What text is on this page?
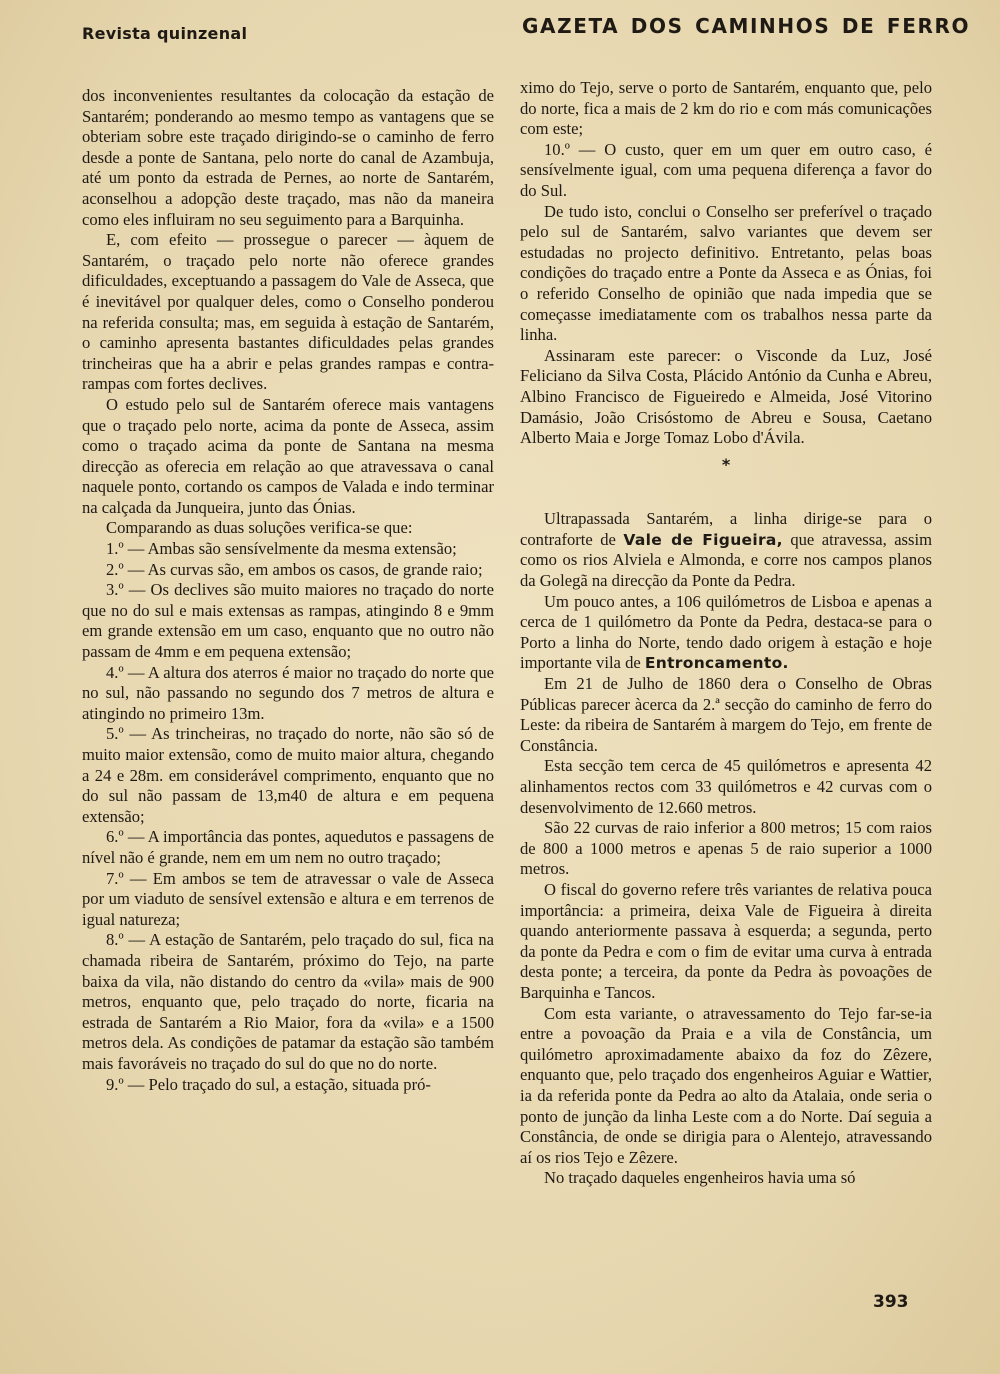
Revista quinzenal	GAZETA DOS CAMINHOS DE FERRO

dos inconvenientes resultantes da colocação da estação de Santarém; ponderando ao mesmo tempo as vantagens que se obteriam sobre este traçado dirigindo-se o caminho de ferro desde a ponte de Santana, pelo norte do canal de Azambuja, até um ponto da estrada de Pernes, ao norte de Santarém, aconselhou a adopção deste traçado, mas não da maneira como eles influiram no seu seguimento para a Barquinha.

E, com efeito — prossegue o parecer — àquem de Santarém, o traçado pelo norte não oferece grandes dificuldades, exceptuando a passagem do Vale de Asseca, que é inevitável por qualquer deles, como o Conselho ponderou na referida consulta; mas, em seguida à estação de Santarém, o caminho apresenta bastantes dificuldades pelas grandes trincheiras que ha a abrir e pelas grandes rampas e contra-rampas com fortes declives.

O estudo pelo sul de Santarém oferece mais vantagens que o traçado pelo norte, acima da ponte de Asseca, assim como o traçado acima da ponte de Santana na mesma direcção as oferecia em relação ao que atravessava o canal naquele ponto, cortando os campos de Valada e indo terminar na calçada da Junqueira, junto das Ónias.

Comparando as duas soluções verifica-se que:

1.º — Ambas são sensívelmente da mesma extensão;

2.º — As curvas são, em ambos os casos, de grande raio;

3.º — Os declives são muito maiores no traçado do norte que no do sul e mais extensas as rampas, atingindo 8 e 9mm em grande extensão em um caso, enquanto que no outro não passam de 4mm e em pequena extensão;

4.º — A altura dos aterros é maior no traçado do norte que no sul, não passando no segundo dos 7 metros de altura e atingindo no primeiro 13m.

5.º — As trincheiras, no traçado do norte, não são só de muito maior extensão, como de muito maior altura, chegando a 24 e 28m. em considerável comprimento, enquanto que no do sul não passam de 13,m40 de altura e em pequena extensão;

6.º — A importância das pontes, aquedutos e passagens de nível não é grande, nem em um nem no outro traçado;

7.º — Em ambos se tem de atravessar o vale de Asseca por um viaduto de sensível extensão e altura e em terrenos de igual natureza;

8.º — A estação de Santarém, pelo traçado do sul, fica na chamada ribeira de Santarém, próximo do Tejo, na parte baixa da vila, não distando do centro da «vila» mais de 900 metros, enquanto que, pelo traçado do norte, ficaria na estrada de Santarém a Rio Maior, fora da «vila» e a 1500 metros dela. As condições de patamar da estação são também mais favoráveis no traçado do sul do que no do norte.

9.º — Pelo traçado do sul, a estação, situada pró-

ximo do Tejo, serve o porto de Santarém, enquanto que, pelo do norte, fica a mais de 2 km do rio e com más comunicações com este;

10.º — O custo, quer em um quer em outro caso, é sensívelmente igual, com uma pequena diferença a favor do do Sul.

De tudo isto, conclui o Conselho ser preferível o traçado pelo sul de Santarém, salvo variantes que devem ser estudadas no projecto definitivo. Entretanto, pelas boas condições do traçado entre a Ponte da Asseca e as Ónias, foi o referido Conselho de opinião que nada impedia que se começasse imediatamente com os trabalhos nessa parte da linha.

Assinaram este parecer: o Visconde da Luz, José Feliciano da Silva Costa, Plácido António da Cunha e Abreu, Albino Francisco de Figueiredo e Almeida, José Vitorino Damásio, João Crisóstomo de Abreu e Sousa, Caetano Alberto Maia e Jorge Tomaz Lobo d'Ávila.

*

Ultrapassada Santarém, a linha dirige-se para o contraforte de Vale de Figueira, que atravessa, assim como os rios Alviela e Almonda, e corre nos campos planos da Golegã na direcção da Ponte da Pedra.

Um pouco antes, a 106 quilómetros de Lisboa e apenas a cerca de 1 quilómetro da Ponte da Pedra, destaca-se para o Porto a linha do Norte, tendo dado origem à estação e hoje importante vila de Entroncamento.

Em 21 de Julho de 1860 dera o Conselho de Obras Públicas parecer àcerca da 2.ª secção do caminho de ferro do Leste: da ribeira de Santarém à margem do Tejo, em frente de Constância.

Esta secção tem cerca de 45 quilómetros e apresenta 42 alinhamentos rectos com 33 quilómetros e 42 curvas com o desenvolvimento de 12.660 metros.

São 22 curvas de raio inferior a 800 metros; 15 com raios de 800 a 1000 metros e apenas 5 de raio superior a 1000 metros.

O fiscal do governo refere três variantes de relativa pouca importância: a primeira, deixa Vale de Figueira à direita quando anteriormente passava à esquerda; a segunda, perto da ponte da Pedra e com o fim de evitar uma curva à entrada desta ponte; a terceira, da ponte da Pedra às povoações de Barquinha e Tancos.

Com esta variante, o atravessamento do Tejo far-se-ia entre a povoação da Praia e a vila de Constância, um quilómetro aproximadamente abaixo da foz do Zêzere, enquanto que, pelo traçado dos engenheiros Aguiar e Wattier, ia da referida ponte da Pedra ao alto da Atalaia, onde seria o ponto de junção da linha Leste com a do Norte. Daí seguia a Constância, de onde se dirigia para o Alentejo, atravessando aí os rios Tejo e Zêzere.

No traçado daqueles engenheiros havia uma só

393
